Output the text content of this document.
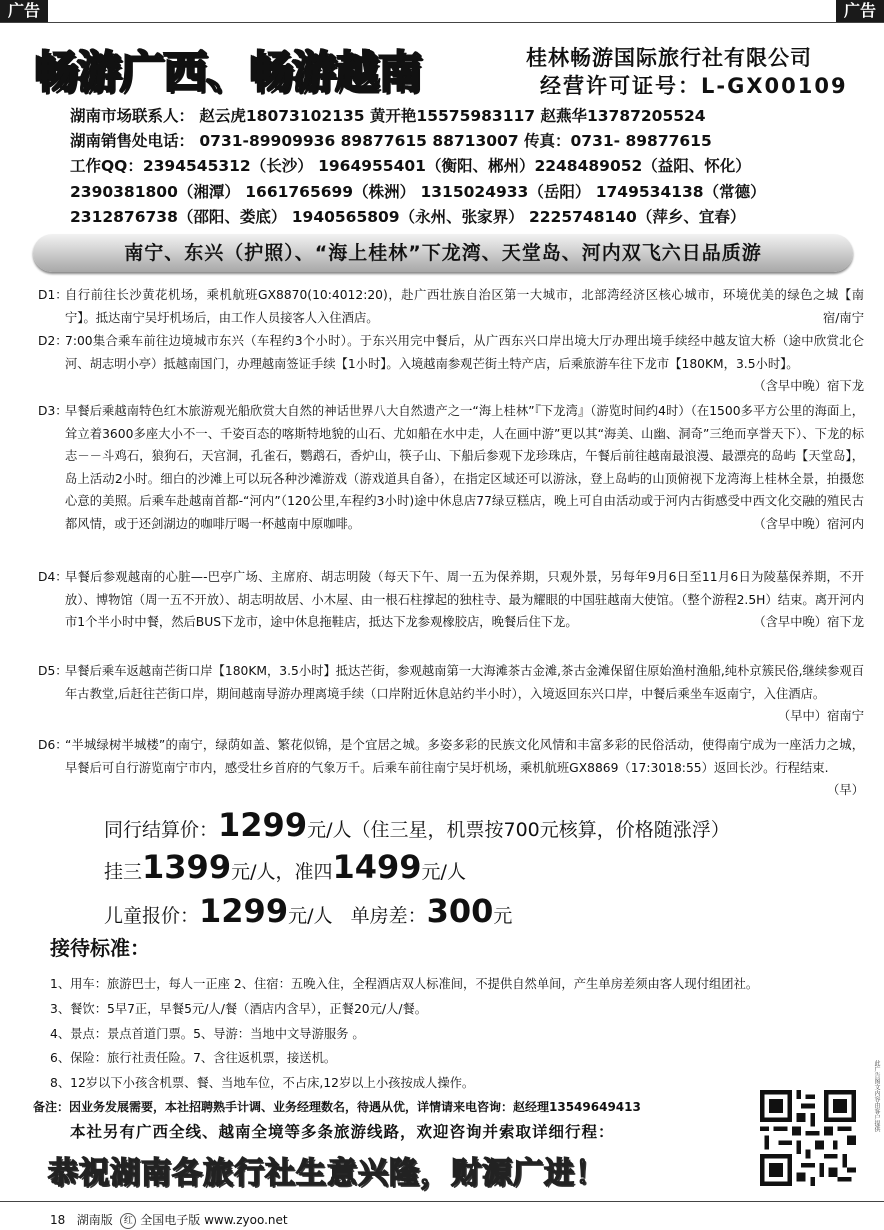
广告	广告
畅游广西、畅游越南	桂林畅游国际旅行社有限公司
经营许可证号：L-GX00109
湖南市场联系人： 赵云虎18073102135 黄开艳15575983117 赵燕华13787205524
湖南销售处电话： 0731-89909936 89877615 88713007 传真：0731- 89877615
工作QQ：2394545312（长沙） 1964955401（衡阳、郴州）2248489052（益阳、怀化）
2390381800（湘潭） 1661765699（株洲） 1315024933（岳阳） 1749534138（常德）
2312876738（邵阳、娄底） 1940565809（永州、张家界） 2225748140（萍乡、宜春）
南宁、东兴（护照）、“海上桂林”下龙湾、天堂岛、河内双飞六日品质游
D1：
自行前往长沙黄花机场，乘机航班GX8870(10:4012:20)，赴广西壮族自治区第一大城市，北部湾经济区核心城市，环境优美的绿色之城【南宁】。抵达南宁吴圩机场后，由工作人员接客人入住酒店。	宿/南宁
D2：
7:00集合乘车前往边境城市东兴（车程约3个小时）。于东兴用完中餐后，从广西东兴口岸出境大厅办理出境手续经中越友谊大桥（途中欣赏北仑河、胡志明小亭）抵越南国门，办理越南签证手续【1小时】。入境越南参观芒街土特产店，后乘旅游车往下龙市【180KM，3.5小时】。
（含早中晚）宿下龙
D3：
早餐后乘越南特色红木旅游观光船欣赏大自然的神话世界八大自然遗产之一“海上桂林”『下龙湾』（游览时间约4时）（在1500多平方公里的海面上，耸立着3600多座大小不一、千姿百态的喀斯特地貌的山石、尤如船在水中走，人在画中游”更以其“海美、山幽、洞奇”三绝而享誉天下）、下龙的标志－－斗鸡石，狼狗石，天宫洞，孔雀石，鹦鹉石，香炉山，筷子山、下船后参观下龙珍珠店，午餐后前往越南最浪漫、最漂亮的岛屿【天堂岛】，岛上活动2小时。细白的沙滩上可以玩各种沙滩游戏（游戏道具自备），在指定区域还可以游泳，登上岛屿的山顶俯视下龙湾海上桂林全景，拍摄您心意的美照。后乘车赴越南首都-“河内”（120公里,车程约3小时)途中休息店77绿豆糕店，晚上可自由活动或于河内古街感受中西文化交融的殖民古都风情，或于还剑湖边的咖啡厅喝一杯越南中原咖啡。	（含早中晚）宿河内
D4：
早餐后参观越南的心脏—-巴亭广场、主席府、胡志明陵（每天下午、周一五为保养期，只观外景，另每年9月6日至11月6日为陵墓保养期，不开放）、博物馆（周一五不开放）、胡志明故居、小木屋、由一根石柱撑起的独柱寺、最为耀眼的中国驻越南大使馆。（整个游程2.5H）结束。离开河内市1个半小时中餐，然后BUS下龙市，途中休息拖鞋店，抵达下龙参观橡胶店，晚餐后住下龙。	（含早中晚）宿下龙
D5：
早餐后乘车返越南芒街口岸【180KM，3.5小时】抵达芒街，参观越南第一大海滩茶古金滩,茶古金滩保留住原始渔村渔船,纯朴京簇民俗,继续参观百年古教堂,后赶往芒街口岸，期间越南导游办理离境手续（口岸附近休息站约半小时），入境返回东兴口岸，中餐后乘坐车返南宁，入住酒店。
（早中）宿南宁
D6：
“半城绿树半城楼”的南宁，绿荫如盖、繁花似锦，是个宜居之城。多姿多彩的民族文化风情和丰富多彩的民俗活动，使得南宁成为一座活力之城，早餐后可自行游览南宁市内，感受壮乡首府的气象万千。后乘车前往南宁吴圩机场，乘机航班GX8869（17:3018:55）返回长沙。行程结束.
（早）
同行结算价：1299元/人（住三星，机票按700元核算，价格随涨浮）
挂三1399元/人，准四1499元/人
儿童报价：1299元/人 单房差：300元
接待标准：
1、用车：旅游巴士，每人一正座 2、住宿：五晚入住，全程酒店双人标准间，不提供自然单间，产生单房差须由客人现付组团社。
3、餐饮：5早7正，早餐5元/人/餐（酒店内含早），正餐20元/人/餐。
4、景点：景点首道门票。5、导游：当地中文导游服务 。
6、保险：旅行社责任险。7、含往返机票，接送机。
8、12岁以下小孩含机票、餐、当地车位，不占床,12岁以上小孩按成人操作。
备注：因业务发展需要，本社招聘熟手计调、业务经理数名，待遇从优，详情请来电咨询：赵经理13549649413
本社另有广西全线、越南全境等多条旅游线路，欢迎咨询并索取详细行程：
恭祝湖南各旅行社生意兴隆，财源广进！
此广告图文内容由客户提供
18 湖南版 红 全国电子版 www.zyoo.net
